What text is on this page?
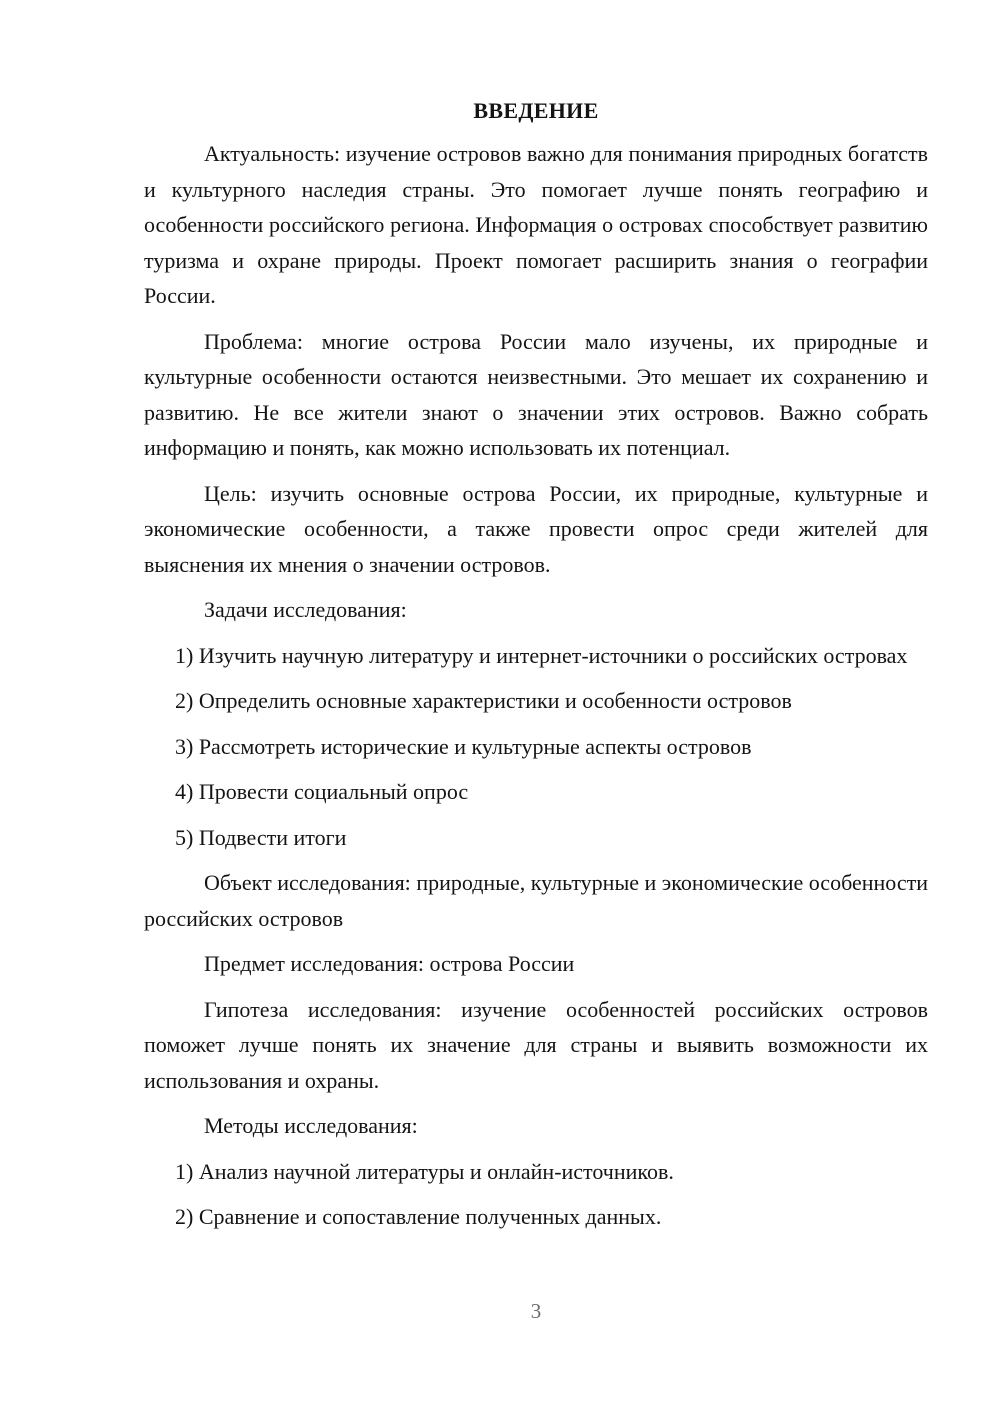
ВВЕДЕНИЕ

Актуальность: изучение островов важно для понимания природных богатств и культурного наследия страны. Это помогает лучше понять географию и особенности российского региона. Информация о островах способствует развитию туризма и охране природы. Проект помогает расширить знания о географии России.

Проблема: многие острова России мало изучены, их природные и культурные особенности остаются неизвестными. Это мешает их сохранению и развитию. Не все жители знают о значении этих островов. Важно собрать информацию и понять, как можно использовать их потенциал.

Цель: изучить основные острова России, их природные, культурные и экономические особенности, а также провести опрос среди жителей для выяснения их мнения о значении островов.

Задачи исследования:

1) Изучить научную литературу и интернет-источники о российских островах

2) Определить основные характеристики и особенности островов

3) Рассмотреть исторические и культурные аспекты островов

4) Провести социальный опрос

5) Подвести итоги

Объект исследования: природные, культурные и экономические особенности российских островов

Предмет исследования: острова России

Гипотеза исследования: изучение особенностей российских островов поможет лучше понять их значение для страны и выявить возможности их использования и охраны.

Методы исследования:

1) Анализ научной литературы и онлайн-источников.

2) Сравнение и сопоставление полученных данных.

3
